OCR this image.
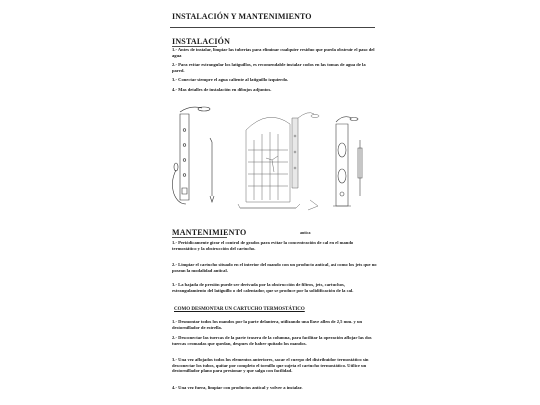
INSTALACIÓN Y MANTENIMIENTO
INSTALACIÓN

1.- Antes de instalar, limpiar las tuberías para eliminar cualquier residuo que pueda obstruir el paso del agua

2.- Para evitar estrangular los latiguillos, es recomendable instalar codos en las tomas de agua de la pared.

3.- Conectar siempre el agua caliente al latiguillo izquierdo.

4.- Mas detalles de instalación en dibujos adjuntos.

MANTENIMIENTO	antica

1.- Periódicamente girar el control de grados para evitar la concentración de cal en el mando termostático y la obstrucción del cartucho.

2.- Limpiar el cartucho situado en el interior del mando con un producto antical, así como los jets que no posean la modalidad antical.

3.- La bajada de presión puede ser derivada por la obstrucción de filtros, jets, cartuchos, estrangulamiento del latiguillo o del calentador, que se produce por la solidificación de la cal.

COMO DESMONTAR UN CARTUCHO TERMOSTÁTICO

1.- Desmontar todos los mandos por la parte delantera, utilizando una llave allen de 2,5 mm. y un destornillador de estrella.

2.- Desconectar las tuercas de la parte trasera de la columna, para facilitar la operación aflojar las dos tuercas cromadas que quedan, despues de haber quitado los mandos.

3.- Una vez aflojados todos los elementos anteriores, sacar el cuerpo del distribuidor termostático sin desconectar los tubos, quitar por completo el tornillo que sujeta el cartucho termostático. Utilice un destornillador plano para presionar y que salga con facilidad.

4.- Una vez fuera, limpiar con productos antical y volver a instalar.
